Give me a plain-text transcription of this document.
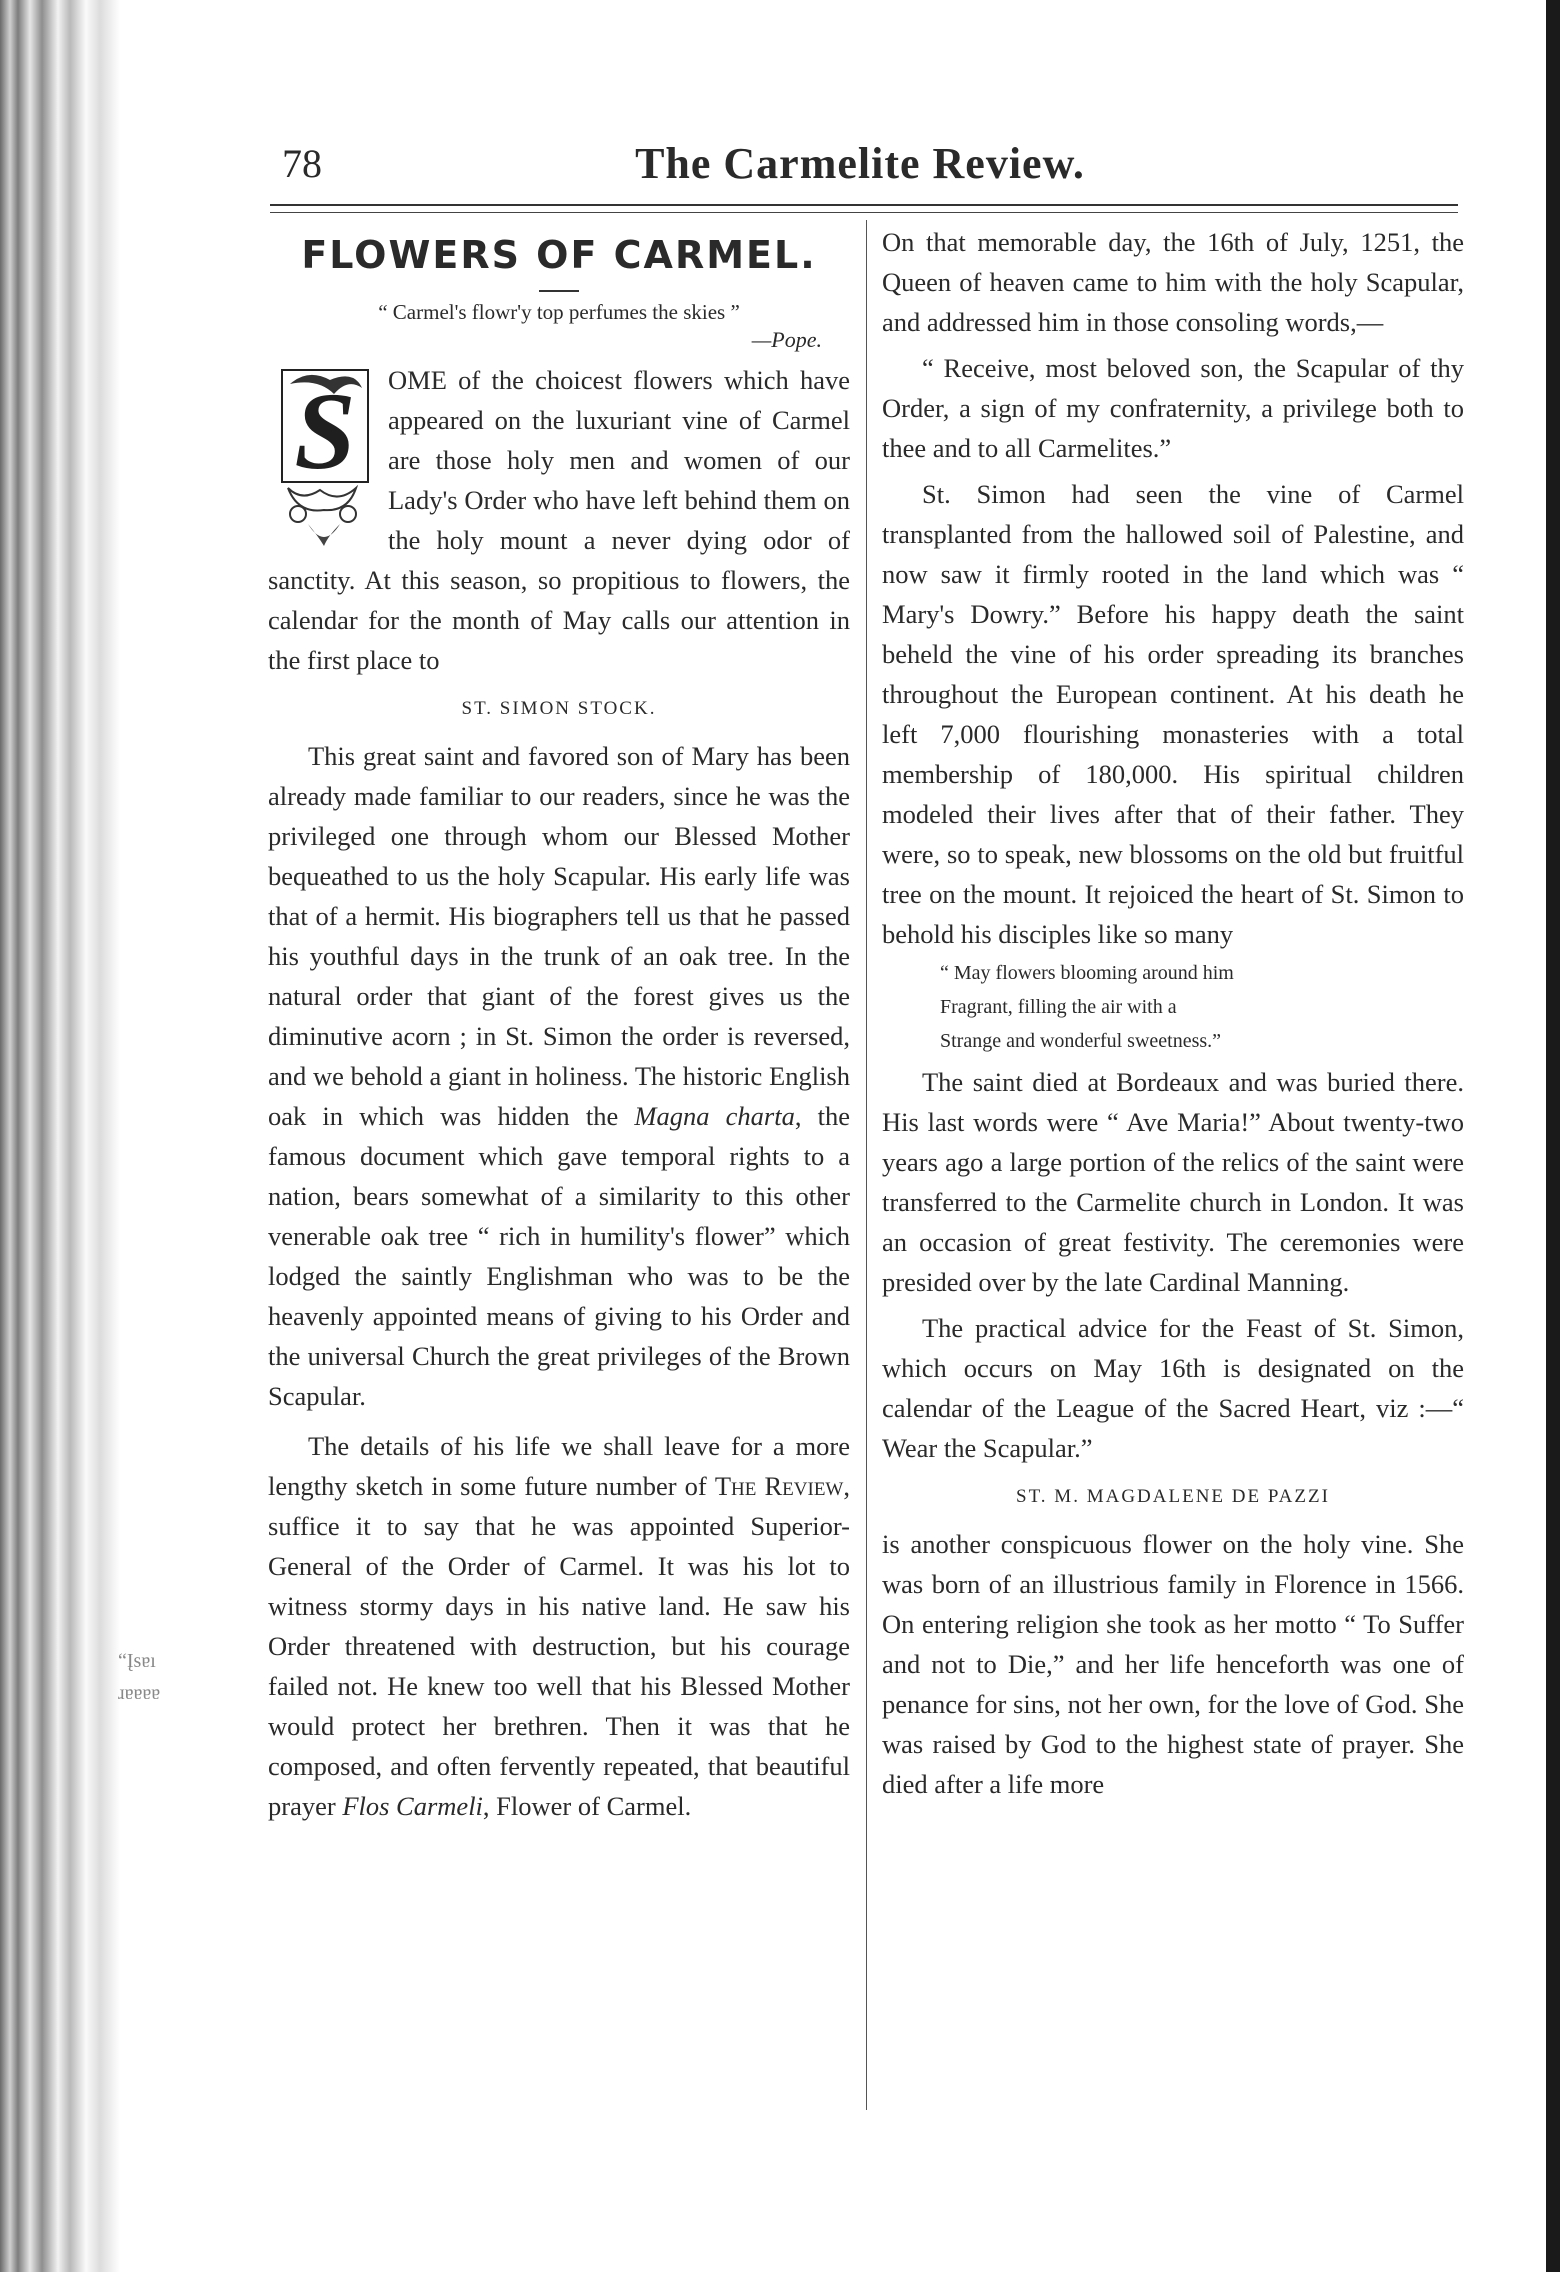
“Įsɐı
ɹɐɐɐɐ
78	The Carmelite Review.
FLOWERS OF CARMEL.
“ Carmel's flowr'y top perfumes the skies ”
—Pope.

S OME of the choicest flowers which have appeared on the luxuriant vine of Carmel are those holy men and women of our Lady's Order who have left behind them on the holy mount a never dying odor of sanctity. At this season, so propitious to flowers, the calendar for the month of May calls our attention in the first place to

ST. SIMON STOCK.

This great saint and favored son of Mary has been already made familiar to our readers, since he was the privileged one through whom our Blessed Mother bequeathed to us the holy Scapular. His early life was that of a hermit. His biographers tell us that he passed his youthful days in the trunk of an oak tree. In the natural order that giant of the forest gives us the diminutive acorn ; in St. Simon the order is reversed, and we behold a giant in holiness. The historic English oak in which was hidden the Magna charta, the famous document which gave temporal rights to a nation, bears somewhat of a similarity to this other venerable oak tree “ rich in humility's flower” which lodged the saintly Englishman who was to be the heavenly appointed means of giving to his Order and the universal Church the great privileges of the Brown Scapular.

The details of his life we shall leave for a more lengthy sketch in some future number of The Review, suffice it to say that he was appointed Superior-General of the Order of Carmel. It was his lot to witness stormy days in his native land. He saw his Order threatened with destruction, but his courage failed not. He knew too well that his Blessed Mother would protect her brethren. Then it was that he composed, and often fervently repeated, that beautiful prayer Flos Carmeli, Flower of Carmel.

On that memorable day, the 16th of July, 1251, the Queen of heaven came to him with the holy Scapular, and addressed him in those consoling words,—

“ Receive, most beloved son, the Scapular of thy Order, a sign of my confraternity, a privilege both to thee and to all Carmelites.”

St. Simon had seen the vine of Carmel transplanted from the hallowed soil of Palestine, and now saw it firmly rooted in the land which was “ Mary's Dowry.” Before his happy death the saint beheld the vine of his order spreading its branches throughout the European continent. At his death he left 7,000 flourishing monasteries with a total membership of 180,000. His spiritual children modeled their lives after that of their father. They were, so to speak, new blossoms on the old but fruitful tree on the mount. It rejoiced the heart of St. Simon to behold his disciples like so many

“ May flowers blooming around him
Fragrant, filling the air with a
Strange and wonderful sweetness.”

The saint died at Bordeaux and was buried there. His last words were “ Ave Maria!” About twenty-two years ago a large portion of the relics of the saint were transferred to the Carmelite church in London. It was an occasion of great festivity. The ceremonies were presided over by the late Cardinal Manning.

The practical advice for the Feast of St. Simon, which occurs on May 16th is designated on the calendar of the League of the Sacred Heart, viz :—“ Wear the Scapular.”

ST. M. MAGDALENE DE PAZZI

is another conspicuous flower on the holy vine. She was born of an illustrious family in Florence in 1566. On entering religion she took as her motto “ To Suffer and not to Die,” and her life henceforth was one of penance for sins, not her own, for the love of God. She was raised by God to the highest state of prayer. She died after a life more
